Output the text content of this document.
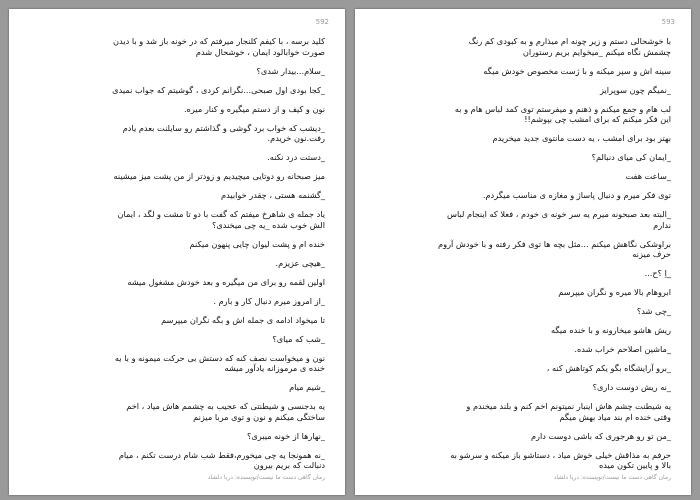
592
کلید برسه ، با کیفم کلنجار میرفتم که در خونه باز شد و با دیدن
صورت خوابالود ایمان ، خوشحال شدم
_سلام...بیدار شدی؟
_کجا بودی اول صبحی...نگرانم کردی ، گوشیتم که جواب نمیدی
نون و کیف و از دستم میگیره و کنار میره.
_دیشب که خواب برد گوشی و گذاشتم رو سایلنت بعدم یادم
رفت.نون خریدم.
_دستت درد نکنه.
میز صبحانه رو دوتایی میچیدیم و زودتر از من پشت میز میشینه
_گشنمه هستی ، چقدر خوابیدم
یاد جمله ی شاهرخ میفتم که گفت با دو تا مشت و لگد ، ایمان
الش خوب شده _یه چی میخندی؟
خنده ام و پشت لیوان چایی پنهون میکنم
_هیچی عزیزم.
اولین لقمه رو برای من میگیره و بعد خودش مشغول میشه
_از امروز میرم دنبال کار و بارم .
تا میخواد ادامه ی جمله اش و بگه نگران میپرسم
_شب که میای؟
نون و میخواست نصف کنه که دستش بی حرکت میمونه و با یه
خنده ی مرموزانه یادآور میشه
_شیم میام
یه بدجنسی و شیطنتی که عجیب به چشمم هاش میاد ، اخم
ساختگی میکنم و نون و توی مربا میزنم
_نهارها از خونه میبری؟
_نه همونجا یه چی میخورم،فقط شب شام درست تکنم ، میام
دنبالت که بریم بیرون
رمان گاهی دست ما نیست/نویسنده: دریا دلشاد
593
با خوشحالی دستم و زیر چونه ام میذارم و به کبودی کم رنگ
چشمش نگاه میکنم _میخوایم بریم رستوران
سینه اش و سپر میکنه و با ژست مخصوص خودش میگه
_نمیگم چون سوپرایز
لب هام و جمع میکنم و ذهنم و میفرستم توی کمد لباس هام و به
این فکر میکنم که برای امشب چی بپوشم!!
بهتر بود برای امشب ، یه دست مانتوی جدید میخریدم
_ایمان کی میای دنبالم؟
_ساعت هفت
توی فکر میرم و دنبال پاساژ و مغازه ی مناسب میگردم.
_البته بعد صبحونه میرم یه سر خونه ی خودم ، فعلا که اینجام لباس
ندارم
براوشکی نگاهش میکنم ...مثل بچه ها توی فکر رفته و با خودش آروم
حرف میزنه
_اِ ؟ح...
ابروهام بالا میره و نگران میپرسم
_چی شد؟
ریش هاشو میخارونه و با خنده میگه
_ماشین اصلاحم خراب شده.
_برو آرایشگاه بگو یکم کوتاهش کنه ،
_نه ریش دوست داری؟
یه شیطنت چشم هاش اینبار نمیتونم اخم کنم و بلند میخندم و
وقتی خنده ام بند میاد بهش میگم
_من تو رو هرجوری که باشی دوست دارم
حرفم به مذاقش خیلی خوش میاد ، دستاشو باز میکنه و سرشو به
بالا و پایین تکون میده
رمان گاهی دست ما نیست/نویسنده: دریا دلشاد
